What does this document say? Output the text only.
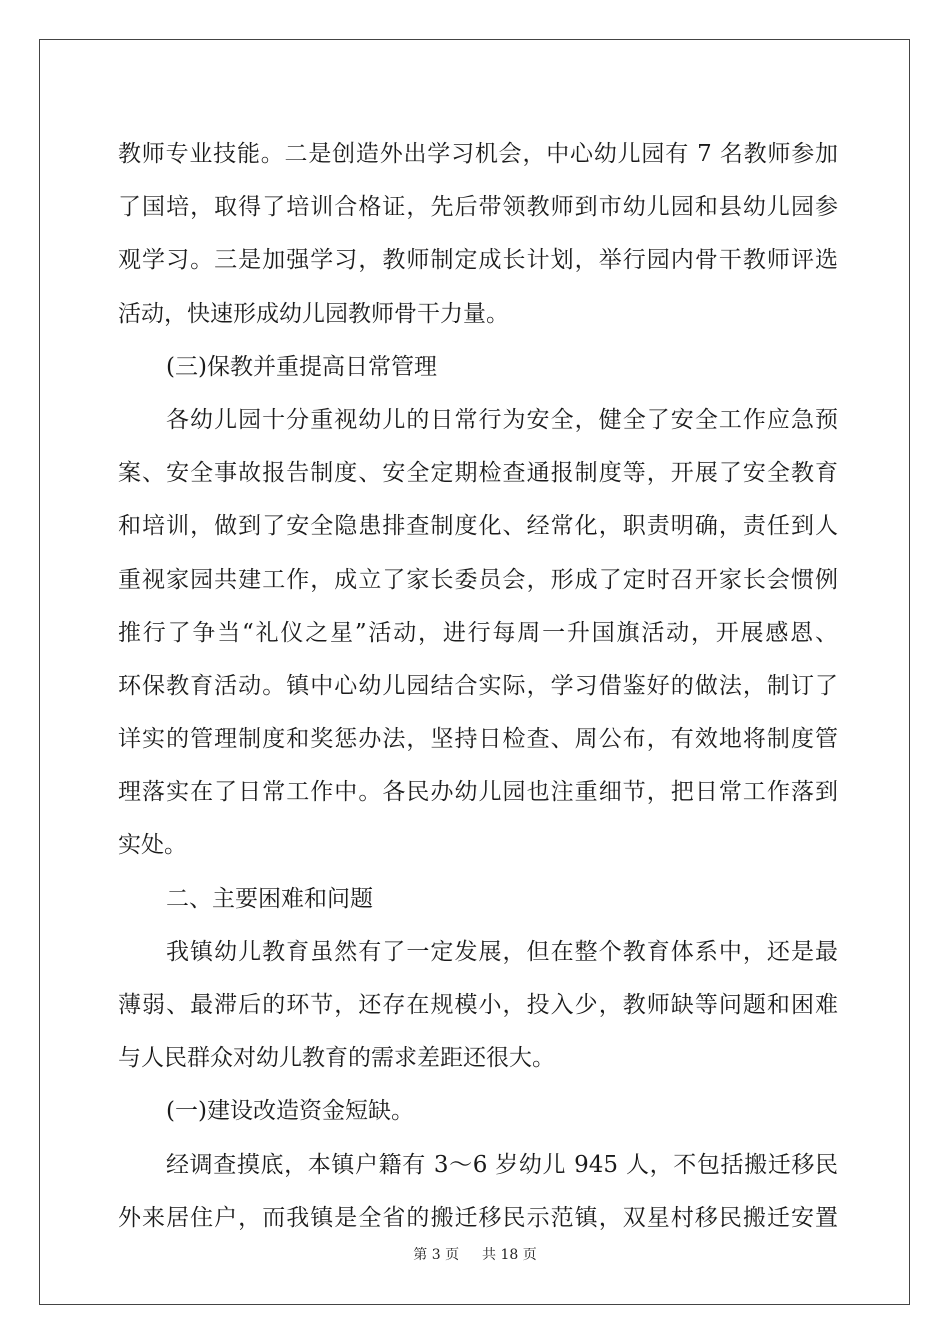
教师专业技能。二是创造外出学习机会，中心幼儿园有 7 名教师参加
了国培，取得了培训合格证，先后带领教师到市幼儿园和县幼儿园参
观学习。三是加强学习，教师制定成长计划，举行园内骨干教师评选
活动，快速形成幼儿园教师骨干力量。
(三)保教并重提高日常管理
各幼儿园十分重视幼儿的日常行为安全，健全了安全工作应急预
案、安全事故报告制度、安全定期检查通报制度等，开展了安全教育
和培训，做到了安全隐患排查制度化、经常化，职责明确，责任到人
重视家园共建工作，成立了家长委员会，形成了定时召开家长会惯例
推行了争当“礼仪之星”活动，进行每周一升国旗活动，开展感恩、
环保教育活动。镇中心幼儿园结合实际，学习借鉴好的做法，制订了
详实的管理制度和奖惩办法，坚持日检查、周公布，有效地将制度管
理落实在了日常工作中。各民办幼儿园也注重细节，把日常工作落到
实处。
二、主要困难和问题
我镇幼儿教育虽然有了一定发展，但在整个教育体系中，还是最
薄弱、最滞后的环节，还存在规模小，投入少，教师缺等问题和困难
与人民群众对幼儿教育的需求差距还很大。
(一)建设改造资金短缺。
经调查摸底，本镇户籍有 3～6 岁幼儿 945 人，不包括搬迁移民
外来居住户，而我镇是全省的搬迁移民示范镇，双星村移民搬迁安置
第 3 页 共 18 页
